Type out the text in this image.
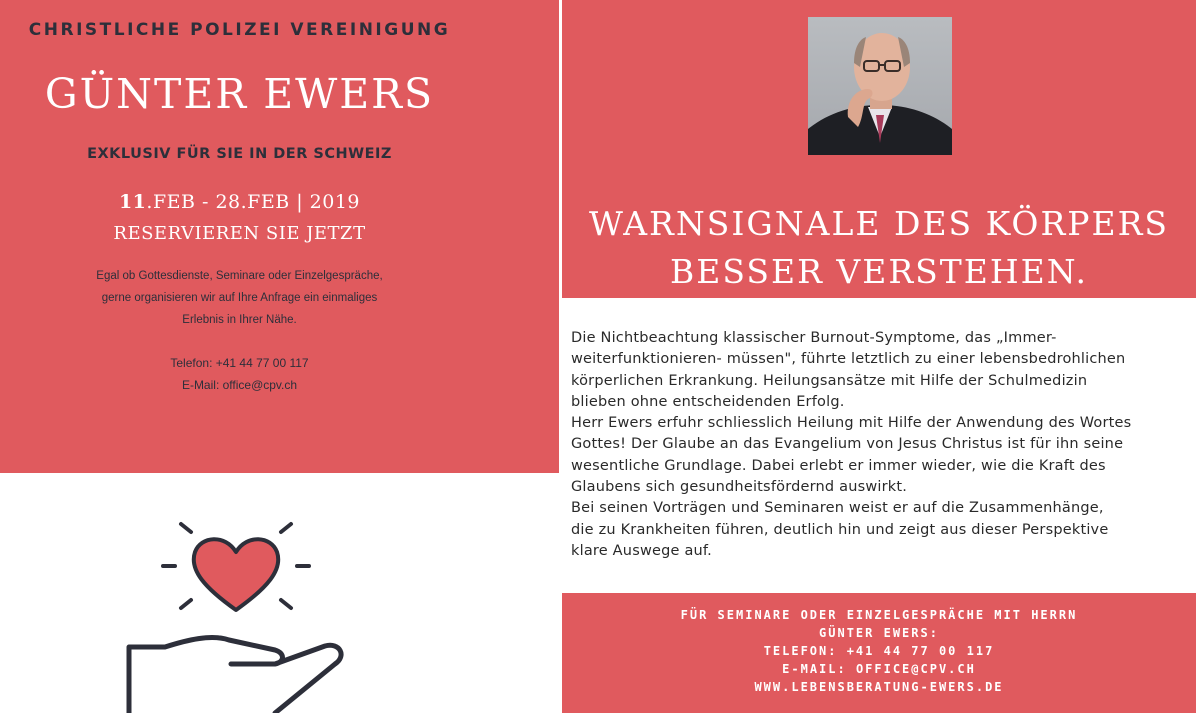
CHRISTLICHE POLIZEI VEREINIGUNG
GÜNTER EWERS
EXKLUSIV FÜR SIE IN DER SCHWEIZ
11.FEB - 28.FEB | 2019
RESERVIEREN SIE JETZT
Egal ob Gottesdienste, Seminare oder Einzelgespräche,
gerne organisieren wir auf Ihre Anfrage ein einmaliges
Erlebnis in Ihrer Nähe.
Telefon: +41 44 77 00 117
E-Mail: office@cpv.ch
WARNSIGNALE DES KÖRPERS
BESSER VERSTEHEN.
Die Nichtbeachtung klassischer Burnout-Symptome, das „Immer-
weiterfunktionieren- müssen", führte letztlich zu einer lebensbedrohlichen
körperlichen Erkrankung. Heilungsansätze mit Hilfe der Schulmedizin
blieben ohne entscheidenden Erfolg.
Herr Ewers erfuhr schliesslich Heilung mit Hilfe der Anwendung des Wortes
Gottes! Der Glaube an das Evangelium von Jesus Christus ist für ihn seine
wesentliche Grundlage. Dabei erlebt er immer wieder, wie die Kraft des
Glaubens sich gesundheitsfördernd auswirkt.
Bei seinen Vorträgen und Seminaren weist er auf die Zusammenhänge,
die zu Krankheiten führen, deutlich hin und zeigt aus dieser Perspektive
klare Auswege auf.
FÜR SEMINARE ODER EINZELGESPRÄCHE MIT HERRN
GÜNTER EWERS:
TELEFON: +41 44 77 00 117
E-MAIL: OFFICE@CPV.CH
WWW.LEBENSBERATUNG-EWERS.DE
